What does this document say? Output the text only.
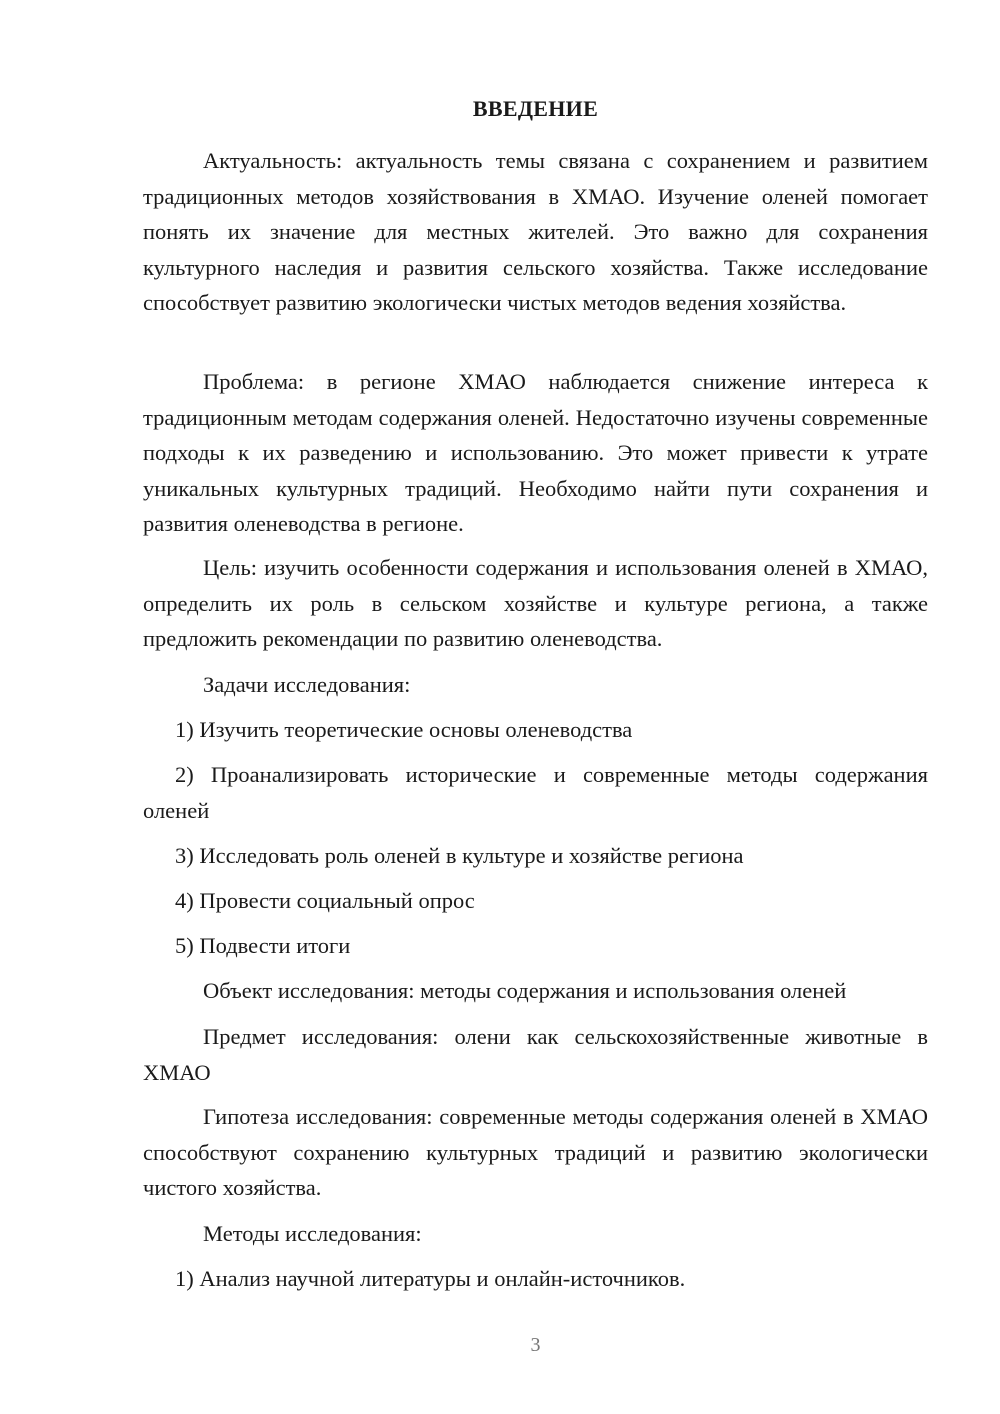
ВВЕДЕНИЕ

Актуальность: актуальность темы связана с сохранением и развитием традиционных методов хозяйствования в ХМАО. Изучение оленей помогает понять их значение для местных жителей. Это важно для сохранения культурного наследия и развития сельского хозяйства. Также исследование способствует развитию экологически чистых методов ведения хозяйства.

Проблема: в регионе ХМАО наблюдается снижение интереса к традиционным методам содержания оленей. Недостаточно изучены современные подходы к их разведению и использованию. Это может привести к утрате уникальных культурных традиций. Необходимо найти пути сохранения и развития оленеводства в регионе.

Цель: изучить особенности содержания и использования оленей в ХМАО, определить их роль в сельском хозяйстве и культуре региона, а также предложить рекомендации по развитию оленеводства.

Задачи исследования:

1) Изучить теоретические основы оленеводства

2) Проанализировать исторические и современные методы содержания оленей

3) Исследовать роль оленей в культуре и хозяйстве региона

4) Провести социальный опрос

5) Подвести итоги

Объект исследования: методы содержания и использования оленей

Предмет исследования: олени как сельскохозяйственные животные в ХМАО

Гипотеза исследования: современные методы содержания оленей в ХМАО способствуют сохранению культурных традиций и развитию экологически чистого хозяйства.

Методы исследования:

1) Анализ научной литературы и онлайн-источников.

3
